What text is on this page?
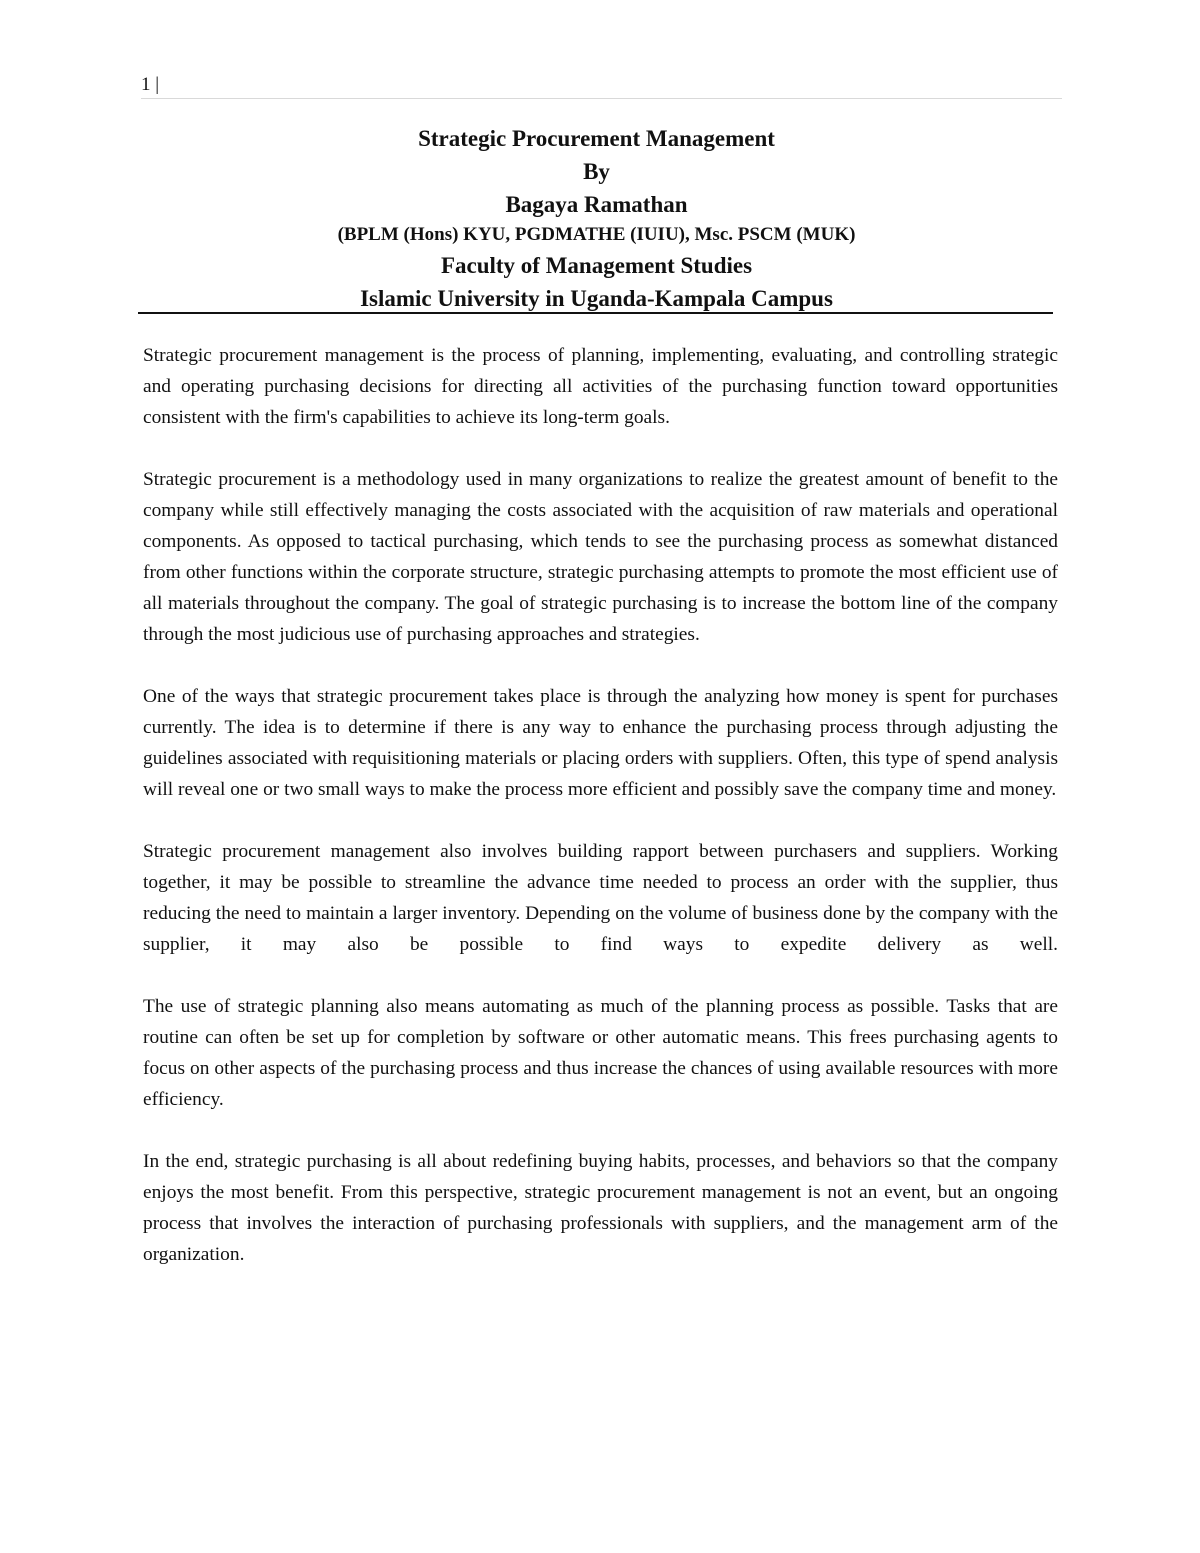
1 |
Strategic Procurement Management
By
Bagaya Ramathan
(BPLM (Hons) KYU, PGDMATHE (IUIU), Msc. PSCM (MUK)
Faculty of Management Studies
Islamic University in Uganda-Kampala Campus

Strategic procurement management is the process of planning, implementing, evaluating, and controlling strategic and operating purchasing decisions for directing all activities of the purchasing function toward opportunities consistent with the firm's capabilities to achieve its long-term goals.

Strategic procurement is a methodology used in many organizations to realize the greatest amount of benefit to the company while still effectively managing the costs associated with the acquisition of raw materials and operational components. As opposed to tactical purchasing, which tends to see the purchasing process as somewhat distanced from other functions within the corporate structure, strategic purchasing attempts to promote the most efficient use of all materials throughout the company. The goal of strategic purchasing is to increase the bottom line of the company through the most judicious use of purchasing approaches and strategies.

One of the ways that strategic procurement takes place is through the analyzing how money is spent for purchases currently. The idea is to determine if there is any way to enhance the purchasing process through adjusting the guidelines associated with requisitioning materials or placing orders with suppliers. Often, this type of spend analysis will reveal one or two small ways to make the process more efficient and possibly save the company time and money.

Strategic procurement management also involves building rapport between purchasers and suppliers. Working together, it may be possible to streamline the advance time needed to process an order with the supplier, thus reducing the need to maintain a larger inventory. Depending on the volume of business done by the company with the supplier, it may also be possible to find ways to expedite delivery as well.

The use of strategic planning also means automating as much of the planning process as possible. Tasks that are routine can often be set up for completion by software or other automatic means. This frees purchasing agents to focus on other aspects of the purchasing process and thus increase the chances of using available resources with more efficiency.

In the end, strategic purchasing is all about redefining buying habits, processes, and behaviors so that the company enjoys the most benefit. From this perspective, strategic procurement management is not an event, but an ongoing process that involves the interaction of purchasing professionals with suppliers, and the management arm of the organization.
